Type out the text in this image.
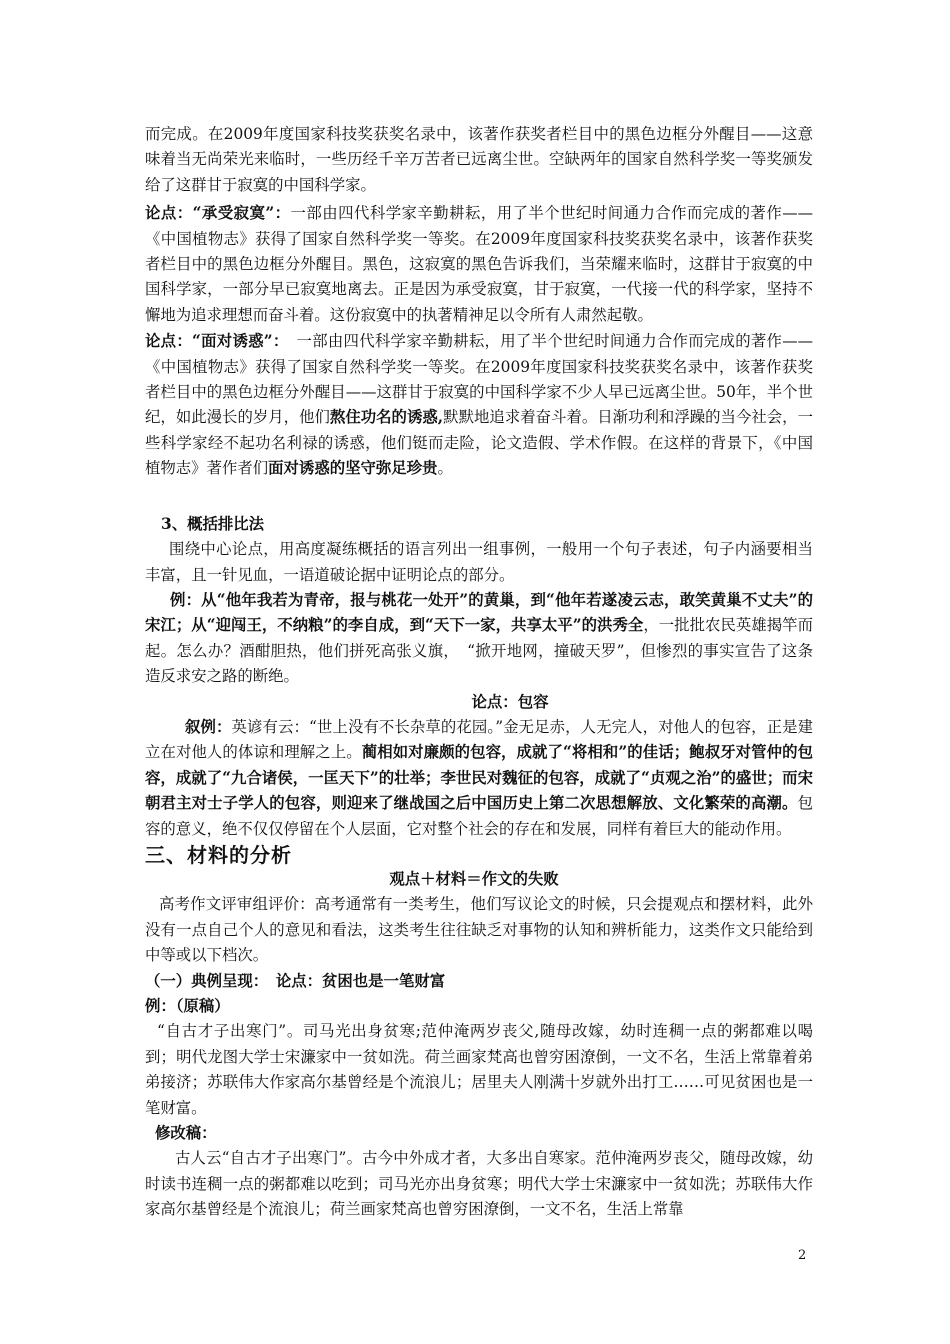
而完成。在2009年度国家科技奖获奖名录中，该著作获奖者栏目中的黑色边框分外醒目——这意味着当无尚荣光来临时，一些历经千辛万苦者已远离尘世。空缺两年的国家自然科学奖一等奖颁发给了这群甘于寂寞的中国科学家。

论点：“承受寂寞”：一部由四代科学家辛勤耕耘，用了半个世纪时间通力合作而完成的著作——《中国植物志》获得了国家自然科学奖一等奖。在2009年度国家科技奖获奖名录中，该著作获奖者栏目中的黑色边框分外醒目。黑色，这寂寞的黑色告诉我们，当荣耀来临时，这群甘于寂寞的中国科学家，一部分早已寂寞地离去。正是因为承受寂寞，甘于寂寞，一代接一代的科学家，坚持不懈地为追求理想而奋斗着。这份寂寞中的执著精神足以令所有人肃然起敬。

论点：“面对诱惑”：　一部由四代科学家辛勤耕耘，用了半个世纪时间通力合作而完成的著作——《中国植物志》获得了国家自然科学奖一等奖。在2009年度国家科技奖获奖名录中，该著作获奖者栏目中的黑色边框分外醒目——这群甘于寂寞的中国科学家不少人早已远离尘世。50年，半个世纪，如此漫长的岁月，他们熬住功名的诱惑,默默地追求着奋斗着。日渐功利和浮躁的当今社会，一些科学家经不起功名利禄的诱惑，他们铤而走险，论文造假、学术作假。在这样的背景下，《中国植物志》著作者们面对诱惑的坚守弥足珍贵。

3、概括排比法

围绕中心论点，用高度凝练概括的语言列出一组事例，一般用一个句子表述，句子内涵要相当丰富，且一针见血，一语道破论据中证明论点的部分。

例：从“他年我若为青帝，报与桃花一处开”的黄巢，到“他年若遂凌云志，敢笑黄巢不丈夫”的宋江；从“迎闯王，不纳粮”的李自成，到“天下一家，共享太平”的洪秀全，一批批农民英雄揭竿而起。怎么办？酒酣胆热，他们拼死高张义旗，　“掀开地网，撞破天罗”，但惨烈的事实宣告了这条造反求安之路的断绝。

论点：包容

叙例：英谚有云：“世上没有不长杂草的花园。”金无足赤，人无完人，对他人的包容，正是建立在对他人的体谅和理解之上。蔺相如对廉颇的包容，成就了“将相和”的佳话；鲍叔牙对管仲的包容，成就了“九合诸侯，一匡天下”的壮举；李世民对魏征的包容，成就了“贞观之治”的盛世；而宋朝君主对士子学人的包容，则迎来了继战国之后中国历史上第二次思想解放、文化繁荣的高潮。包容的意义，绝不仅仅停留在个人层面，它对整个社会的存在和发展，同样有着巨大的能动作用。

三、材料的分析

观点＋材料＝作文的失败

高考作文评审组评价：高考通常有一类考生，他们写议论文的时候，只会提观点和摆材料，此外没有一点自己个人的意见和看法，这类考生往往缺乏对事物的认知和辨析能力，这类作文只能给到中等或以下档次。

（一）典例呈现：　论点：贫困也是一笔财富

例：（原稿）

“自古才子出寒门”。司马光出身贫寒;范仲淹两岁丧父,随母改嫁，幼时连稠一点的粥都难以喝到；明代龙图大学士宋濂家中一贫如洗。荷兰画家梵高也曾穷困潦倒，一文不名，生活上常靠着弟弟接济；苏联伟大作家高尔基曾经是个流浪儿；居里夫人刚满十岁就外出打工……可见贫困也是一笔财富。

修改稿：

古人云“自古才子出寒门”。古今中外成才者，大多出自寒家。范仲淹两岁丧父，随母改嫁，幼时读书连稠一点的粥都难以吃到；司马光亦出身贫寒；明代大学士宋濂家中一贫如洗；苏联伟大作家高尔基曾经是个流浪儿；荷兰画家梵高也曾穷困潦倒，一文不名，生活上常靠

2
